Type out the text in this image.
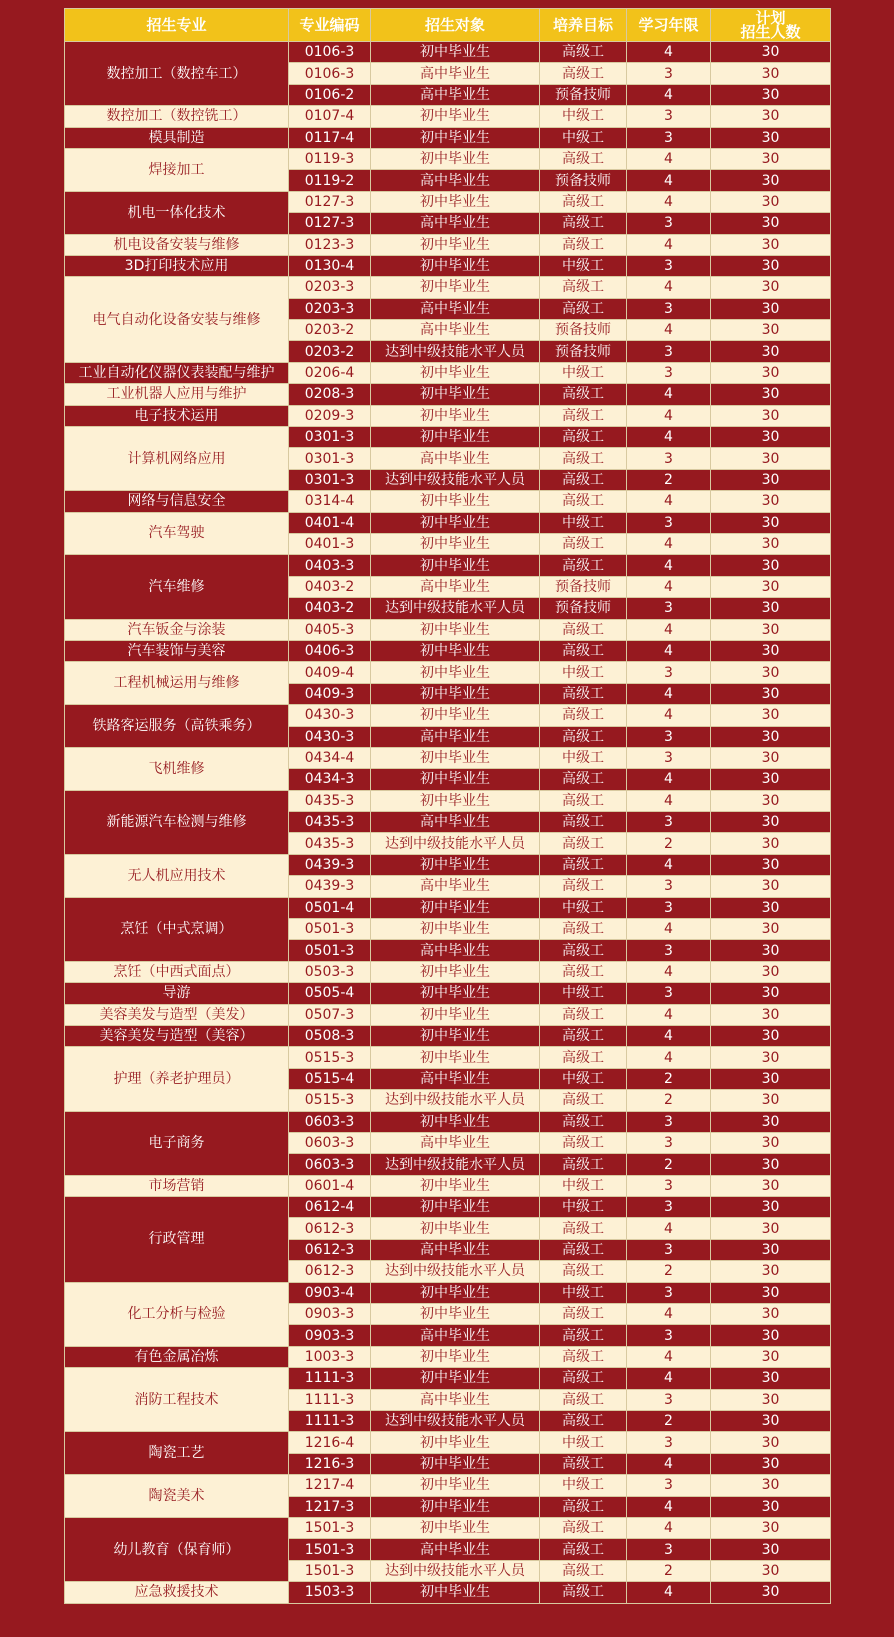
招生专业	专业编码	招生对象	培养目标	学习年限	计划
招生人数
数控加工（数控车工）	0106-3	初中毕业生	高级工	4	30
	0106-3	高中毕业生	高级工	3	30
	0106-2	高中毕业生	预备技师	4	30
数控加工（数控铣工）	0107-4	初中毕业生	中级工	3	30
模具制造	0117-4	初中毕业生	中级工	3	30
焊接加工	0119-3	初中毕业生	高级工	4	30
	0119-2	高中毕业生	预备技师	4	30
机电一体化技术	0127-3	初中毕业生	高级工	4	30
	0127-3	高中毕业生	高级工	3	30
机电设备安装与维修	0123-3	初中毕业生	高级工	4	30
3D打印技术应用	0130-4	初中毕业生	中级工	3	30
电气自动化设备安装与维修	0203-3	初中毕业生	高级工	4	30
	0203-3	高中毕业生	高级工	3	30
	0203-2	高中毕业生	预备技师	4	30
	0203-2	达到中级技能水平人员	预备技师	3	30
工业自动化仪器仪表装配与维护	0206-4	初中毕业生	中级工	3	30
工业机器人应用与维护	0208-3	初中毕业生	高级工	4	30
电子技术运用	0209-3	初中毕业生	高级工	4	30
计算机网络应用	0301-3	初中毕业生	高级工	4	30
	0301-3	高中毕业生	高级工	3	30
	0301-3	达到中级技能水平人员	高级工	2	30
网络与信息安全	0314-4	初中毕业生	高级工	4	30
汽车驾驶	0401-4	初中毕业生	中级工	3	30
	0401-3	初中毕业生	高级工	4	30
汽车维修	0403-3	初中毕业生	高级工	4	30
	0403-2	高中毕业生	预备技师	4	30
	0403-2	达到中级技能水平人员	预备技师	3	30
汽车钣金与涂装	0405-3	初中毕业生	高级工	4	30
汽车装饰与美容	0406-3	初中毕业生	高级工	4	30
工程机械运用与维修	0409-4	初中毕业生	中级工	3	30
	0409-3	初中毕业生	高级工	4	30
铁路客运服务（高铁乘务）	0430-3	初中毕业生	高级工	4	30
	0430-3	高中毕业生	高级工	3	30
飞机维修	0434-4	初中毕业生	中级工	3	30
	0434-3	初中毕业生	高级工	4	30
新能源汽车检测与维修	0435-3	初中毕业生	高级工	4	30
	0435-3	高中毕业生	高级工	3	30
	0435-3	达到中级技能水平人员	高级工	2	30
无人机应用技术	0439-3	初中毕业生	高级工	4	30
	0439-3	高中毕业生	高级工	3	30
烹饪（中式烹调）	0501-4	初中毕业生	中级工	3	30
	0501-3	初中毕业生	高级工	4	30
	0501-3	高中毕业生	高级工	3	30
烹饪（中西式面点）	0503-3	初中毕业生	高级工	4	30
导游	0505-4	初中毕业生	中级工	3	30
美容美发与造型（美发）	0507-3	初中毕业生	高级工	4	30
美容美发与造型（美容）	0508-3	初中毕业生	高级工	4	30
护理（养老护理员）	0515-3	初中毕业生	高级工	4	30
	0515-4	高中毕业生	中级工	2	30
	0515-3	达到中级技能水平人员	高级工	2	30
电子商务	0603-3	初中毕业生	高级工	3	30
	0603-3	高中毕业生	高级工	3	30
	0603-3	达到中级技能水平人员	高级工	2	30
市场营销	0601-4	初中毕业生	中级工	3	30
行政管理	0612-4	初中毕业生	中级工	3	30
	0612-3	初中毕业生	高级工	4	30
	0612-3	高中毕业生	高级工	3	30
	0612-3	达到中级技能水平人员	高级工	2	30
化工分析与检验	0903-4	初中毕业生	中级工	3	30
	0903-3	初中毕业生	高级工	4	30
	0903-3	高中毕业生	高级工	3	30
有色金属冶炼	1003-3	初中毕业生	高级工	4	30
消防工程技术	1111-3	初中毕业生	高级工	4	30
	1111-3	高中毕业生	高级工	3	30
	1111-3	达到中级技能水平人员	高级工	2	30
陶瓷工艺	1216-4	初中毕业生	中级工	3	30
	1216-3	初中毕业生	高级工	4	30
陶瓷美术	1217-4	初中毕业生	中级工	3	30
	1217-3	初中毕业生	高级工	4	30
幼儿教育（保育师）	1501-3	初中毕业生	高级工	4	30
	1501-3	高中毕业生	高级工	3	30
	1501-3	达到中级技能水平人员	高级工	2	30
应急救援技术	1503-3	初中毕业生	高级工	4	30
